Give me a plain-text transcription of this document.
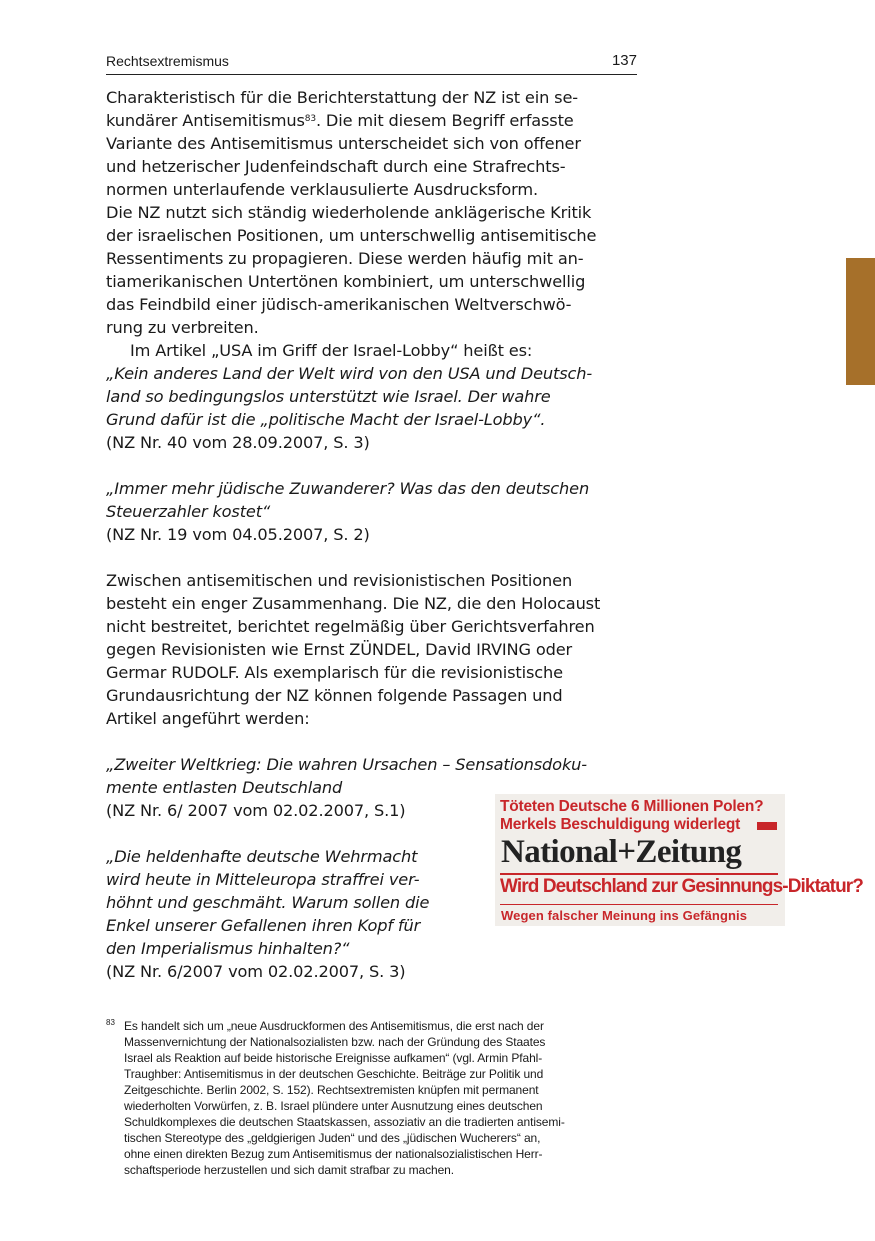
Rechtsextremismus	137
Charakteristisch für die Berichterstattung der NZ ist ein se-
kundärer Antisemitismus$^{83}$. Die mit diesem Begriff erfasste
Variante des Antisemitismus unterscheidet sich von offener
und hetzerischer Judenfeindschaft durch eine Strafrechts-
normen unterlaufende verklausulierte Ausdrucksform.
Die NZ nutzt sich ständig wiederholende anklägerische Kritik
der israelischen Positionen, um unterschwellig antisemitische
Ressentiments zu propagieren. Diese werden häufig mit an-
tiamerikanischen Untertönen kombiniert, um unterschwellig
das Feindbild einer jüdisch-amerikanischen Weltverschwö-
rung zu verbreiten.
Im Artikel „USA im Griff der Israel-Lobby“ heißt es:
„Kein anderes Land der Welt wird von den USA und Deutsch-
land so bedingungslos unterstützt wie Israel. Der wahre
Grund dafür ist die „politische Macht der Israel-Lobby“.
(NZ Nr. 40 vom 28.09.2007, S. 3)
„Immer mehr jüdische Zuwanderer? Was das den deutschen
Steuerzahler kostet“
(NZ Nr. 19 vom 04.05.2007, S. 2)
Zwischen antisemitischen und revisionistischen Positionen
besteht ein enger Zusammenhang. Die NZ, die den Holocaust
nicht bestreitet, berichtet regelmäßig über Gerichtsverfahren
gegen Revisionisten wie Ernst ZÜNDEL, David IRVING oder
Germar RUDOLF. Als exemplarisch für die revisionistische
Grundausrichtung der NZ können folgende Passagen und
Artikel angeführt werden:
„Zweiter Weltkrieg: Die wahren Ursachen – Sensationsdoku-
mente entlasten Deutschland
(NZ Nr. 6/ 2007 vom 02.02.2007, S.1)
„Die heldenhafte deutsche Wehrmacht
wird heute in Mitteleuropa straffrei ver-
höhnt und geschmäht. Warum sollen die
Enkel unserer Gefallenen ihren Kopf für
den Imperialismus hinhalten?“
(NZ Nr. 6/2007 vom 02.02.2007, S. 3)
Töteten Deutsche 6 Millionen Polen?
Merkels Beschuldigung widerlegt
National+Zeitung
Wird Deutschland zur Gesinnungs-Diktatur?
Wegen falscher Meinung ins Gefängnis
83 Es handelt sich um „neue Ausdruckformen des Antisemitismus, die erst nach der
Massenvernichtung der Nationalsozialisten bzw. nach der Gründung des Staates
Israel als Reaktion auf beide historische Ereignisse aufkamen“ (vgl. Armin Pfahl-
Traughber: Antisemitismus in der deutschen Geschichte. Beiträge zur Politik und
Zeitgeschichte. Berlin 2002, S. 152). Rechtsextremisten knüpfen mit permanent
wiederholten Vorwürfen, z. B. Israel plündere unter Ausnutzung eines deutschen
Schuldkomplexes die deutschen Staatskassen, assoziativ an die tradierten antisemi-
tischen Stereotype des „geldgierigen Juden“ und des „jüdischen Wucherers“ an,
ohne einen direkten Bezug zum Antisemitismus der nationalsozialistischen Herr-
schaftsperiode herzustellen und sich damit strafbar zu machen.
